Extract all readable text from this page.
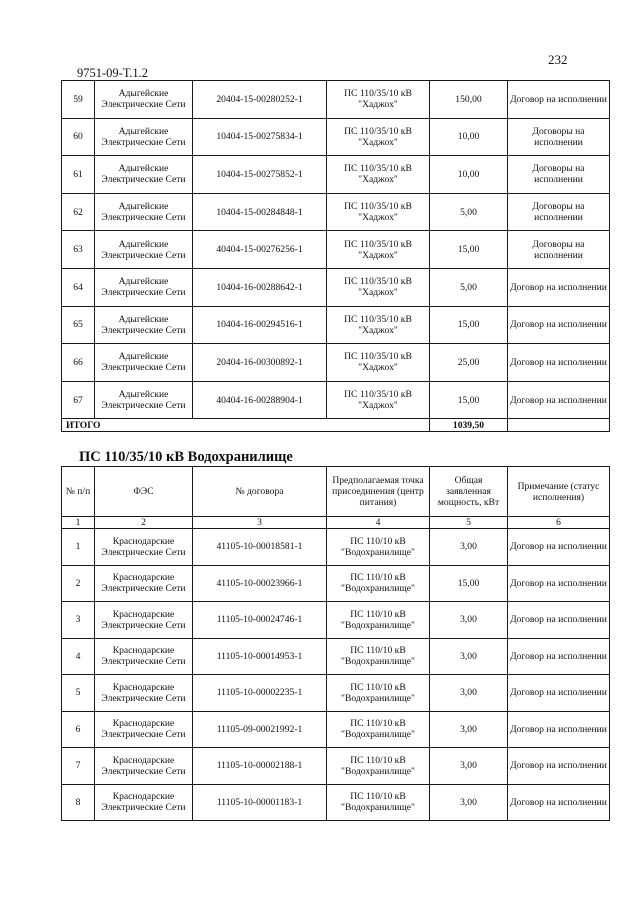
232
9751-09-Т.1.2
59	Адыгейские Электрические Сети	20404-15-00280252-1	ПС 110/35/10 кВ "Хаджох"	150,00	Договор на исполнении
60	Адыгейские Электрические Сети	10404-15-00275834-1	ПС 110/35/10 кВ "Хаджох"	10,00	Договоры на исполнении
61	Адыгейские Электрические Сети	10404-15-00275852-1	ПС 110/35/10 кВ "Хаджох"	10,00	Договоры на исполнении
62	Адыгейские Электрические Сети	10404-15-00284848-1	ПС 110/35/10 кВ "Хаджох"	5,00	Договоры на исполнении
63	Адыгейские Электрические Сети	40404-15-00276256-1	ПС 110/35/10 кВ "Хаджох"	15,00	Договоры на исполнении
64	Адыгейские Электрические Сети	10404-16-00288642-1	ПС 110/35/10 кВ "Хаджох"	5,00	Договор на исполнении
65	Адыгейские Электрические Сети	10404-16-00294516-1	ПС 110/35/10 кВ "Хаджох"	15,00	Договор на исполнении
66	Адыгейские Электрические Сети	20404-16-00300892-1	ПС 110/35/10 кВ "Хаджох"	25,00	Договор на исполнении
67	Адыгейские Электрические Сети	40404-16-00288904-1	ПС 110/35/10 кВ "Хаджох"	15,00	Договор на исполнении
ИТОГО				1039,50	
ПС 110/35/10 кВ Водохранилище
№ п/п	ФЭС	№ договора	Предполагаемая точка присоединения (центр питания)	Общая заявленная мощность, кВт	Примечание (статус исполнения)
1	2	3	4	5	6
1	Краснодарские Электрические Сети	41105-10-00018581-1	ПС 110/10 кВ "Водохранилище"	3,00	Договор на исполнении
2	Краснодарские Электрические Сети	41105-10-00023966-1	ПС 110/10 кВ "Водохранилище"	15,00	Договор на исполнении
3	Краснодарские Электрические Сети	11105-10-00024746-1	ПС 110/10 кВ "Водохранилище"	3,00	Договор на исполнении
4	Краснодарские Электрические Сети	11105-10-00014953-1	ПС 110/10 кВ "Водохранилище"	3,00	Договор на исполнении
5	Краснодарские Электрические Сети	11105-10-00002235-1	ПС 110/10 кВ "Водохранилище"	3,00	Договор на исполнении
6	Краснодарские Электрические Сети	11105-09-00021992-1	ПС 110/10 кВ "Водохранилище"	3,00	Договор на исполнении
7	Краснодарские Электрические Сети	11105-10-00002188-1	ПС 110/10 кВ "Водохранилище"	3,00	Договор на исполнении
8	Краснодарские Электрические Сети	11105-10-00001183-1	ПС 110/10 кВ "Водохранилище"	3,00	Договор на исполнении
